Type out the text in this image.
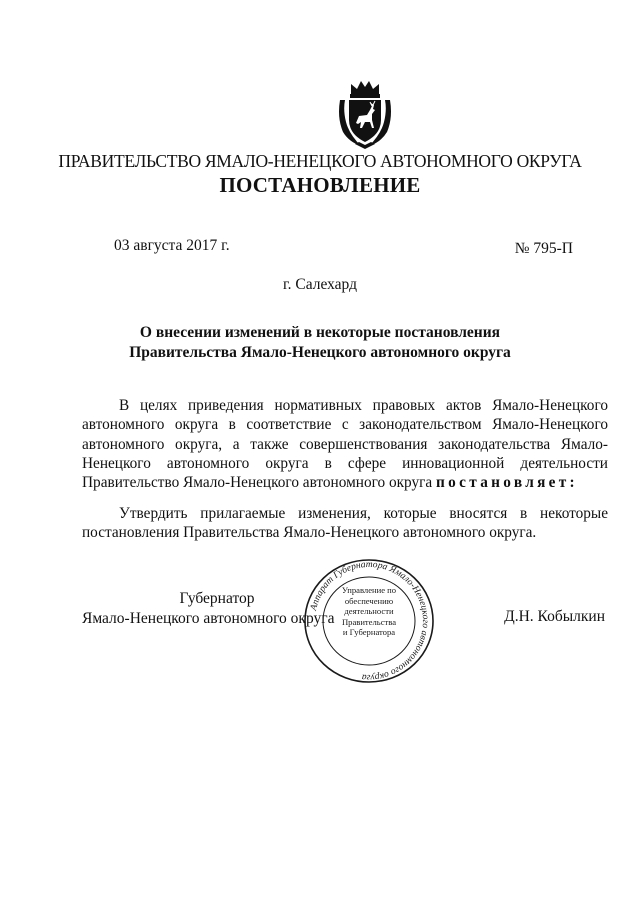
ПРАВИТЕЛЬСТВО ЯМАЛО-НЕНЕЦКОГО АВТОНОМНОГО ОКРУГА
ПОСТАНОВЛЕНИЕ
03 августа 2017 г.	№ 795-П
г. Салехард
О внесении изменений в некоторые постановления
Правительства Ямало-Ненецкого автономного округа

В целях приведения нормативных правовых актов Ямало-Ненецкого автономного округа в соответствие с законодательством Ямало-Ненецкого автономного округа, а также совершенствования законодательства Ямало-Ненецкого автономного округа в сфере инновационной деятельности Правительство Ямало-Ненецкого автономного округа постановляет:

Утвердить прилагаемые изменения, которые вносятся в некоторые постановления Правительства Ямало-Ненецкого автономного округа.

Губернатор
Ямало-Ненецкого автономного округа	Д.Н. Кобылкин
Аппарат Губернатора Ямало-Ненецкого автономного округа
Управление по
обеспечению
деятельности
Правительства
и Губернатора
